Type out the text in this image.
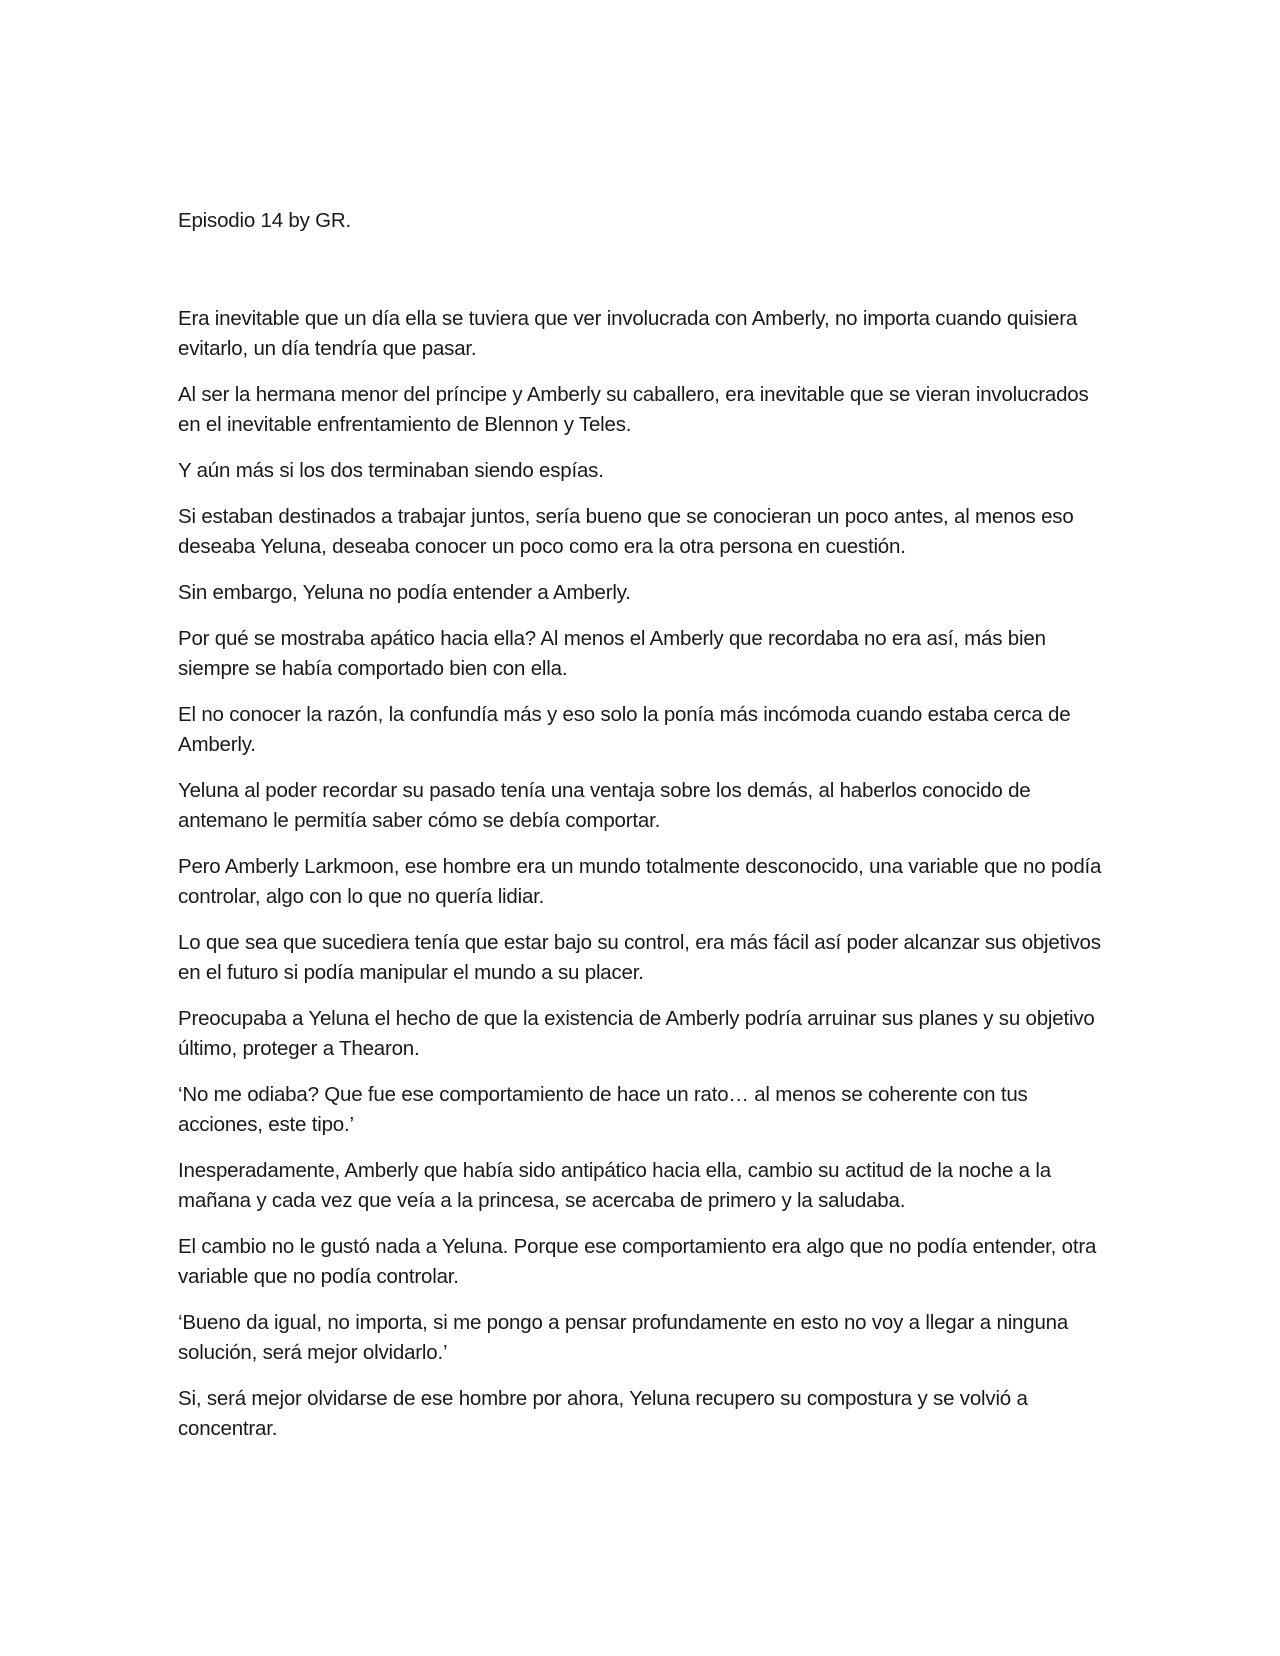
Episodio 14 by GR.

Era inevitable que un día ella se tuviera que ver involucrada con Amberly, no importa cuando quisiera evitarlo, un día tendría que pasar.

Al ser la hermana menor del príncipe y Amberly su caballero, era inevitable que se vieran involucrados en el inevitable enfrentamiento de Blennon y Teles.

Y aún más si los dos terminaban siendo espías.

Si estaban destinados a trabajar juntos, sería bueno que se conocieran un poco antes, al menos eso deseaba Yeluna, deseaba conocer un poco como era la otra persona en cuestión.

Sin embargo, Yeluna no podía entender a Amberly.

Por qué se mostraba apático hacia ella? Al menos el Amberly que recordaba no era así, más bien siempre se había comportado bien con ella.

El no conocer la razón, la confundía más y eso solo la ponía más incómoda cuando estaba cerca de Amberly.

Yeluna al poder recordar su pasado tenía una ventaja sobre los demás, al haberlos conocido de antemano le permitía saber cómo se debía comportar.

Pero Amberly Larkmoon, ese hombre era un mundo totalmente desconocido, una variable que no podía controlar, algo con lo que no quería lidiar.

Lo que sea que sucediera tenía que estar bajo su control, era más fácil así poder alcanzar sus objetivos en el futuro si podía manipular el mundo a su placer.

Preocupaba a Yeluna el hecho de que la existencia de Amberly podría arruinar sus planes y su objetivo último, proteger a Thearon.

‘No me odiaba? Que fue ese comportamiento de hace un rato… al menos se coherente con tus acciones, este tipo.’

Inesperadamente, Amberly que había sido antipático hacia ella, cambio su actitud de la noche a la mañana y cada vez que veía a la princesa, se acercaba de primero y la saludaba.

El cambio no le gustó nada a Yeluna. Porque ese comportamiento era algo que no podía entender, otra variable que no podía controlar.

‘Bueno da igual, no importa, si me pongo a pensar profundamente en esto no voy a llegar a ninguna solución, será mejor olvidarlo.’

Si, será mejor olvidarse de ese hombre por ahora, Yeluna recupero su compostura y se volvió a concentrar.
